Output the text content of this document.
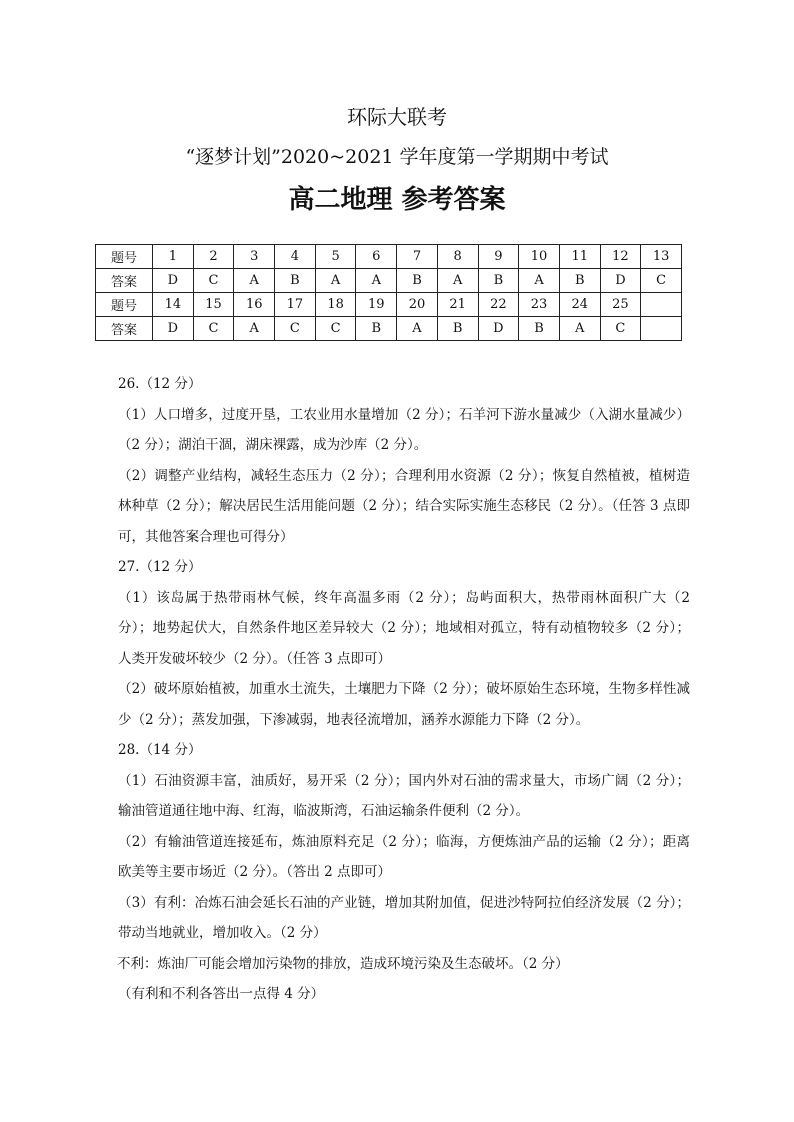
环际大联考
“逐梦计划”2020~2021 学年度第一学期期中考试
高二地理 参考答案
题号	1	2	3	4	5	6	7	8	9	10	11	12	13
答案	D	C	A	B	A	A	B	A	B	A	B	D	C
题号	14	15	16	17	18	19	20	21	22	23	24	25	
答案	D	C	A	C	C	B	A	B	D	B	A	C	

26.（12 分）

（1）人口增多，过度开垦，工农业用水量增加（2 分）；石羊河下游水量减少（入湖水量减少）（2 分）；湖泊干涸，湖床裸露，成为沙库（2 分）。

（2）调整产业结构，减轻生态压力（2 分）；合理利用水资源（2 分）；恢复自然植被，植树造林种草（2 分）；解决居民生活用能问题（2 分）；结合实际实施生态移民（2 分）。（任答 3 点即可，其他答案合理也可得分）

27.（12 分）

（1）该岛属于热带雨林气候，终年高温多雨（2 分）；岛屿面积大，热带雨林面积广大（2 分）；地势起伏大，自然条件地区差异较大（2 分）；地域相对孤立，特有动植物较多（2 分）；人类开发破坏较少（2 分）。（任答 3 点即可）

（2）破坏原始植被，加重水土流失，土壤肥力下降（2 分）；破坏原始生态环境，生物多样性减少（2 分）；蒸发加强，下渗减弱，地表径流增加，涵养水源能力下降（2 分）。

28.（14 分）

（1）石油资源丰富，油质好，易开采（2 分）；国内外对石油的需求量大，市场广阔（2 分）；输油管道通往地中海、红海，临波斯湾，石油运输条件便利（2 分）。

（2）有输油管道连接延布，炼油原料充足（2 分）；临海，方便炼油产品的运输（2 分）；距离欧美等主要市场近（2 分）。（答出 2 点即可）

（3）有利：冶炼石油会延长石油的产业链，增加其附加值，促进沙特阿拉伯经济发展（2 分）；带动当地就业，增加收入。（2 分）

不利：炼油厂可能会增加污染物的排放，造成环境污染及生态破坏。（2 分）

（有利和不利各答出一点得 4 分）
